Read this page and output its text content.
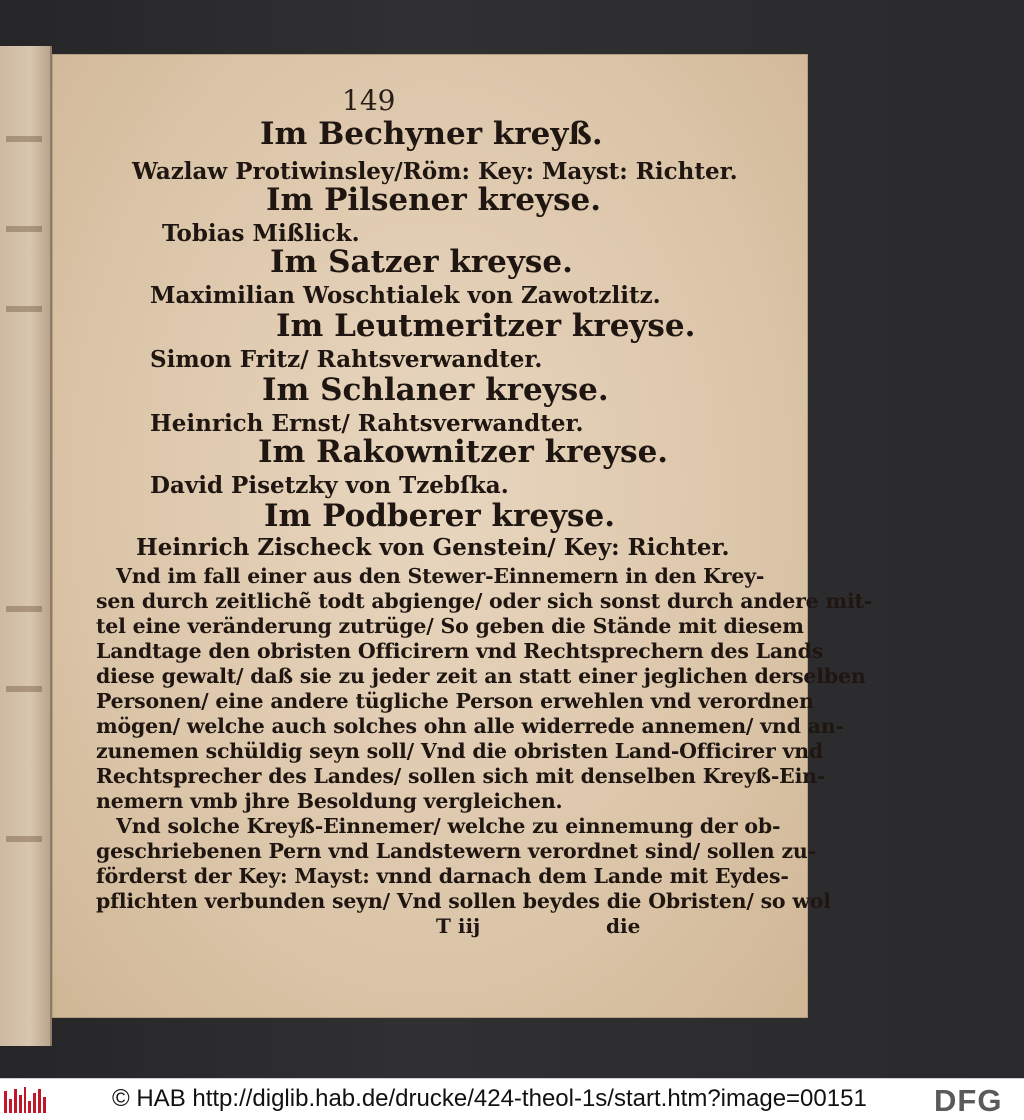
149
Im Bechyner kreyß.
Wazlaw Protiwinsley/Röm: Key: Mayst: Richter.
Im Pilsener kreyse.
Tobias Mißlick.
Im Satzer kreyse.
Maximilian Woschtialek von Zawotzlitz.
Im Leutmeritzer kreyse.
Simon Fritz/ Rahtsverwandter.
Im Schlaner kreyse.
Heinrich Ernst/ Rahtsverwandter.
Im Rakownitzer kreyse.
David Pisetzky von Tzebſka.
Im Podberer kreyse.
Heinrich Zischeck von Genstein/ Key: Richter.
Vnd im fall einer aus den Stewer-Einnemern in den Krey-
sen durch zeitlichẽ todt abgienge/ oder sich sonst durch andere mit-
tel eine veränderung zutrüge/ So geben die Stände mit diesem
Landtage den obristen Officirern vnd Rechtsprechern des Lands
diese gewalt/ daß sie zu jeder zeit an statt einer jeglichen derselben
Personen/ eine andere tügliche Person erwehlen vnd verordnen
mögen/ welche auch solches ohn alle widerrede annemen/ vnd an-
zunemen schüldig seyn soll/ Vnd die obristen Land-Officirer vnd
Rechtsprecher des Landes/ sollen sich mit denselben Kreyß-Ein-
nemern vmb jhre Besoldung vergleichen.
Vnd solche Kreyß-Einnemer/ welche zu einnemung der ob-
geschriebenen Pern vnd Landstewern verordnet sind/ sollen zu-
förderst der Key: Mayst: vnnd darnach dem Lande mit Eydes-
pflichten verbunden seyn/ Vnd sollen beydes die Obristen/ so wol
T iij	die
© HAB http://diglib.hab.de/drucke/424-theol-1s/start.htm?image=00151 DFG
